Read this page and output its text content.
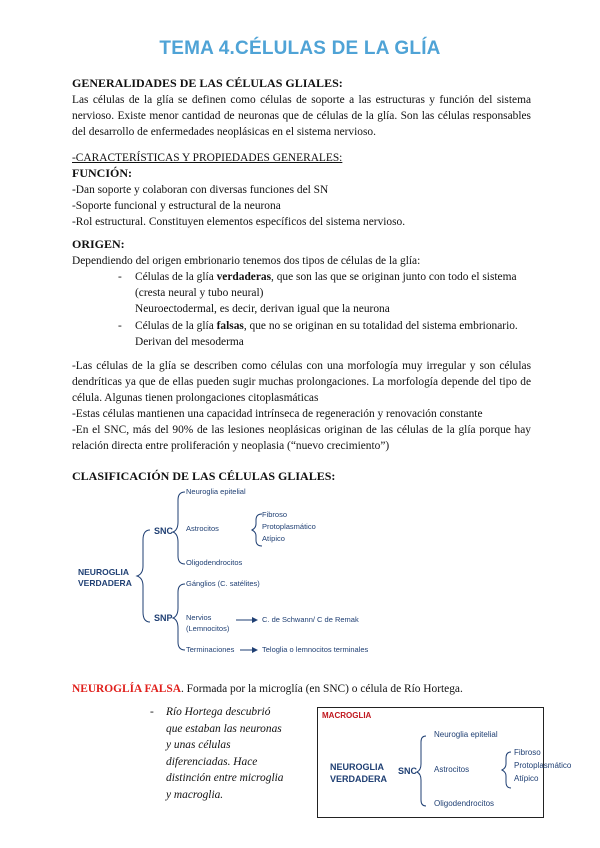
TEMA 4.CÉLULAS DE LA GLÍA
GENERALIDADES DE LAS CÉLULAS GLIALES:
Las células de la glía se definen como células de soporte a las estructuras y función del sistema nervioso. Existe menor cantidad de neuronas que de células de la glía. Son las células responsables del desarrollo de enfermedades neoplásicas en el sistema nervioso.
-CARACTERÍSTICAS Y PROPIEDADES GENERALES:
FUNCIÓN:
-Dan soporte y colaboran con diversas funciones del SN
-Soporte funcional y estructural de la neurona
-Rol estructural. Constituyen elementos específicos del sistema nervioso.
ORIGEN:
Dependiendo del origen embrionario tenemos dos tipos de células de la glía:
- Células de la glía verdaderas, que son las que se originan junto con todo el sistema (cresta neural y tubo neural)
Neuroectodermal, es decir, derivan igual que la neurona
- Células de la glía falsas, que no se originan en su totalidad del sistema embrionario.
Derivan del mesoderma
-Las células de la glía se describen como células con una morfología muy irregular y son células dendríticas ya que de ellas pueden sugir muchas prolongaciones. La morfología depende del tipo de célula. Algunas tienen prolongaciones citoplasmáticas
-Estas células mantienen una capacidad intrínseca de regeneración y renovación constante
-En el SNC, más del 90% de las lesiones neoplásicas originan de las células de la glía porque hay relación directa entre proliferación y neoplasia (“nuevo crecimiento”)
CLASIFICACIÓN DE LAS CÉLULAS GLIALES:
NEUROGLIA
VERDADERA
SNC
SNP
Neuroglia epitelial
Astrocitos
Fibroso
Protoplasmático
Atípico
Oligodendrocitos
Gánglios (C. satélites)
Nervios
(Lemnocitos)
C. de Schwann/ C de Remak
Terminaciones	Teloglia o lemnocitos terminales
NEUROGLÍA FALSA. Formada por la microglía (en SNC) o célula de Río Hortega.
- Río Hortega descubrió que estaban las neuronas y unas células diferenciadas. Hace distinción entre microglia y macroglia.
MACROGLIA
NEUROGLIA
VERDADERA
SNC
Neuroglia epitelial
Astrocitos
Fibroso
Protoplasmático
Atípico
Oligodendrocitos
